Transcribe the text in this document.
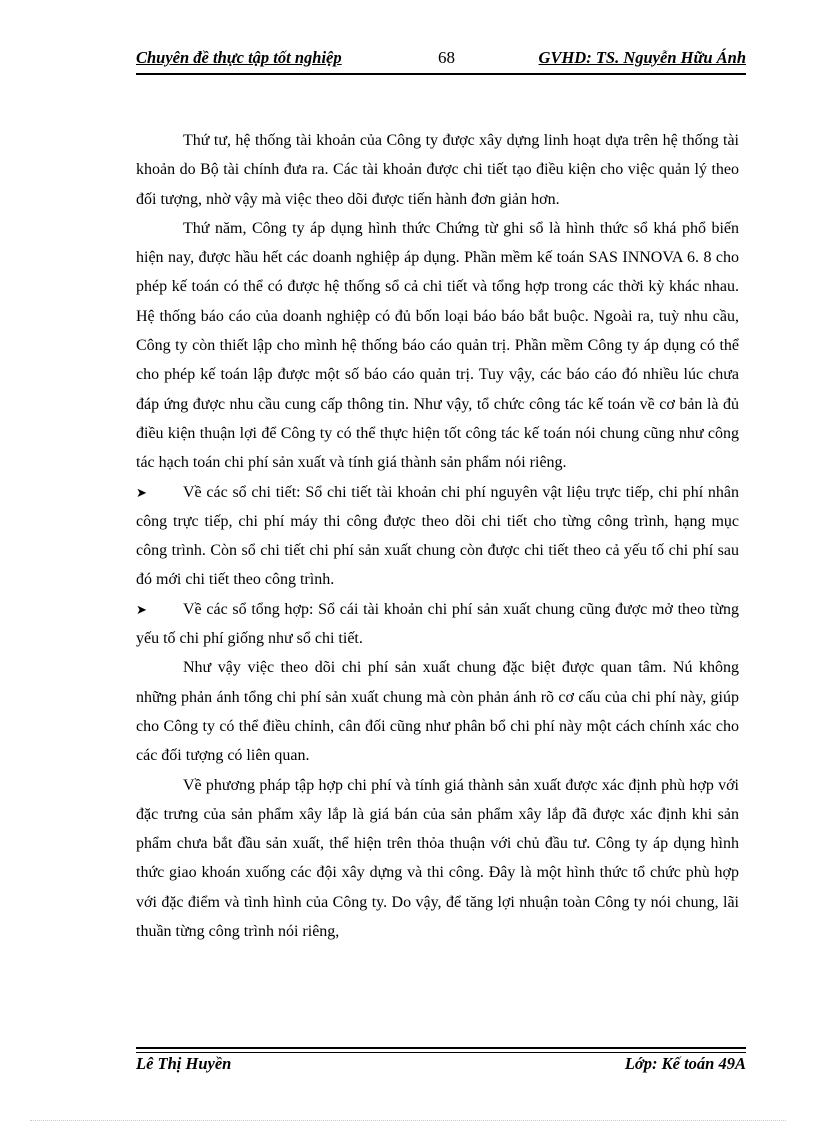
Chuyên đề thực tập tốt nghiệp	68	GVHD: TS. Nguyễn Hữu Ánh

Thứ tư, hệ thống tài khoản của Công ty được xây dựng linh hoạt dựa trên hệ thống tài khoản do Bộ tài chính đưa ra. Các tài khoản được chi tiết tạo điều kiện cho việc quản lý theo đối tượng, nhờ vậy mà việc theo dõi được tiến hành đơn giản hơn.

Thứ năm, Công ty áp dụng hình thức Chứng từ ghi sổ là hình thức sổ khá phổ biến hiện nay, được hầu hết các doanh nghiệp áp dụng. Phần mềm kế toán SAS INNOVA 6. 8 cho phép kế toán có thể có được hệ thống sổ cả chi tiết và tổng hợp trong các thời kỳ khác nhau. Hệ thống báo cáo của doanh nghiệp có đủ bốn loại báo báo bắt buộc. Ngoài ra, tuỳ nhu cầu, Công ty còn thiết lập cho mình hệ thống báo cáo quản trị. Phần mềm Công ty áp dụng có thể cho phép kế toán lập được một số báo cáo quản trị. Tuy vậy, các báo cáo đó nhiều lúc chưa đáp ứng được nhu cầu cung cấp thông tin. Như vậy, tổ chức công tác kế toán về cơ bản là đủ điều kiện thuận lợi để Công ty có thể thực hiện tốt công tác kế toán nói chung cũng như công tác hạch toán chi phí sản xuất và tính giá thành sản phẩm nói riêng.

➤ Về các sổ chi tiết: Sổ chi tiết tài khoản chi phí nguyên vật liệu trực tiếp, chi phí nhân công trực tiếp, chi phí máy thi công được theo dõi chi tiết cho từng công trình, hạng mục công trình. Còn sổ chi tiết chi phí sản xuất chung còn được chi tiết theo cả yếu tố chi phí sau đó mới chi tiết theo công trình.

➤ Về các sổ tổng hợp: Sổ cái tài khoản chi phí sản xuất chung cũng được mở theo từng yếu tố chi phí giống như sổ chi tiết.

Như vậy việc theo dõi chi phí sản xuất chung đặc biệt được quan tâm. Nú không những phản ánh tổng chi phí sản xuất chung mà còn phản ánh rõ cơ cấu của chi phí này, giúp cho Công ty có thể điều chỉnh, cân đối cũng như phân bổ chi phí này một cách chính xác cho các đối tượng có liên quan.

Về phương pháp tập hợp chi phí và tính giá thành sản xuất được xác định phù hợp với đặc trưng của sản phẩm xây lắp là giá bán của sản phẩm xây lắp đã được xác định khi sản phẩm chưa bắt đầu sản xuất, thể hiện trên thỏa thuận với chủ đầu tư. Công ty áp dụng hình thức giao khoán xuống các đội xây dựng và thi công. Đây là một hình thức tổ chức phù hợp với đặc điểm và tình hình của Công ty. Do vậy, để tăng lợi nhuận toàn Công ty nói chung, lãi thuần từng công trình nói riêng,

Lê Thị Huyền	Lớp: Kế toán 49A
